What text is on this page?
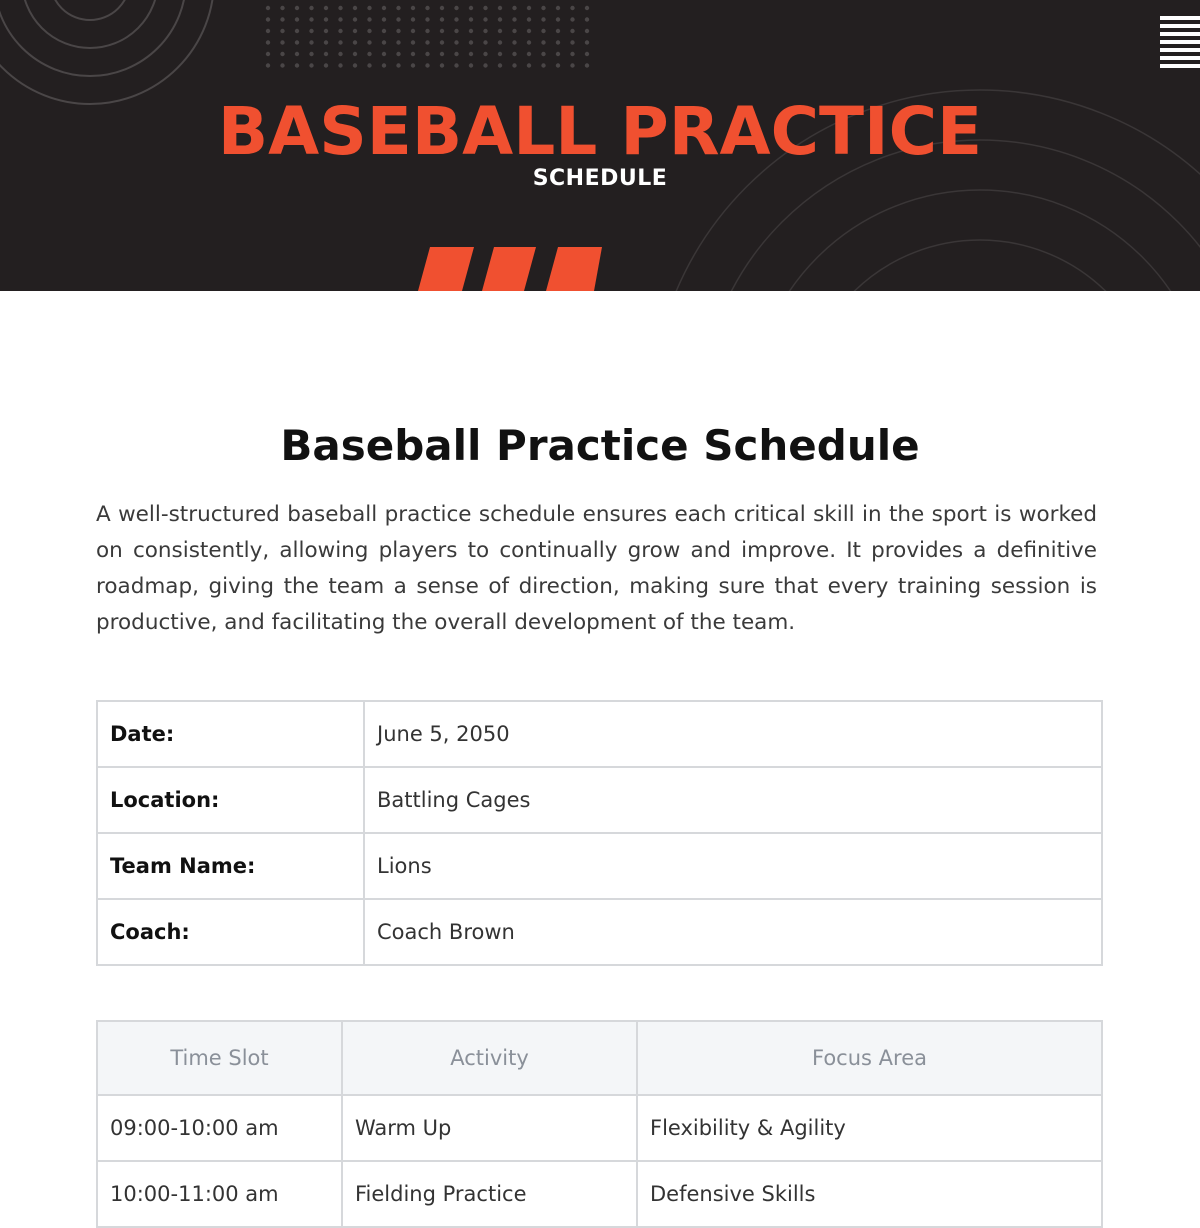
BASEBALL PRACTICE
SCHEDULE
Baseball Practice Schedule

A well-structured baseball practice schedule ensures each critical skill in the sport is worked on consistently, allowing players to continually grow and improve. It provides a definitive roadmap, giving the team a sense of direction, making sure that every training session is productive, and facilitating the overall development of the team.

Date:	June 5, 2050
Location:	Battling Cages
Team Name:	Lions
Coach:	Coach Brown
Time Slot	Activity	Focus Area
09:00-10:00 am	Warm Up	Flexibility & Agility
10:00-11:00 am	Fielding Practice	Defensive Skills
